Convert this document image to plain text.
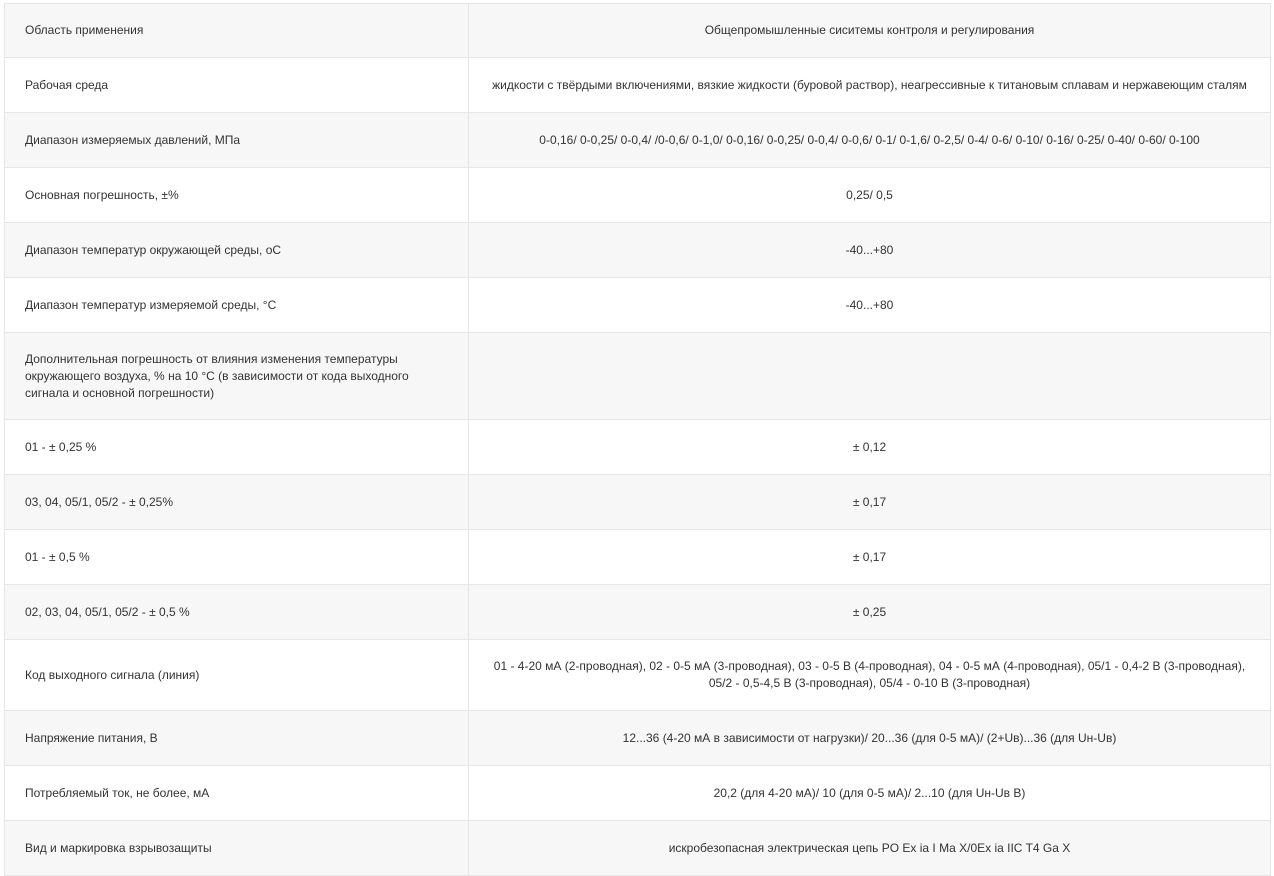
Область применения	Общепромышленные сиситемы контроля и регулирования
Рабочая среда	жидкости с твёрдыми включениями, вязкие жидкости (буровой раствор), неагрессивные к титановым сплавам и нержавеющим сталям
Диапазон измеряемых давлений, МПа	0-0,16/ 0-0,25/ 0-0,4/ /0-0,6/ 0-1,0/ 0-0,16/ 0-0,25/ 0-0,4/ 0-0,6/ 0-1/ 0-1,6/ 0-2,5/ 0-4/ 0-6/ 0-10/ 0-16/ 0-25/ 0-40/ 0-60/ 0-100
Основная погрешность, ±%	0,25/ 0,5
Диапазон температур окружающей среды, оС	-40...+80
Диапазон температур измеряемой среды, °С	-40...+80
Дополнительная погрешность от влияния изменения температуры окружающего воздуха, % на 10 °С (в зависимости от кода выходного сигнала и основной погрешности)	
01 - ± 0,25 %	± 0,12
03, 04, 05/1, 05/2 - ± 0,25%	± 0,17
01 - ± 0,5 %	± 0,17
02, 03, 04, 05/1, 05/2 - ± 0,5 %	± 0,25
Код выходного сигнала (линия)	01 - 4-20 мА (2-проводная), 02 - 0-5 мА (3-проводная), 03 - 0-5 В (4-проводная), 04 - 0-5 мА (4-проводная), 05/1 - 0,4-2 В (3-проводная), 05/2 - 0,5-4,5 В (3-проводная), 05/4 - 0-10 В (3-проводная)
Напряжение питания, В	12...36 (4-20 мА в зависимости от нагрузки)/ 20...36 (для 0-5 мА)/ (2+Uв)...36 (для Uн-Uв)
Потребляемый ток, не более, мА	20,2 (для 4-20 мА)/ 10 (для 0-5 мА)/ 2...10 (для Uн-Uв В)
Вид и маркировка взрывозащиты	искробезопасная электрическая цепь PO Ex ia I Ma X/0Ex ia IIC T4 Ga X
